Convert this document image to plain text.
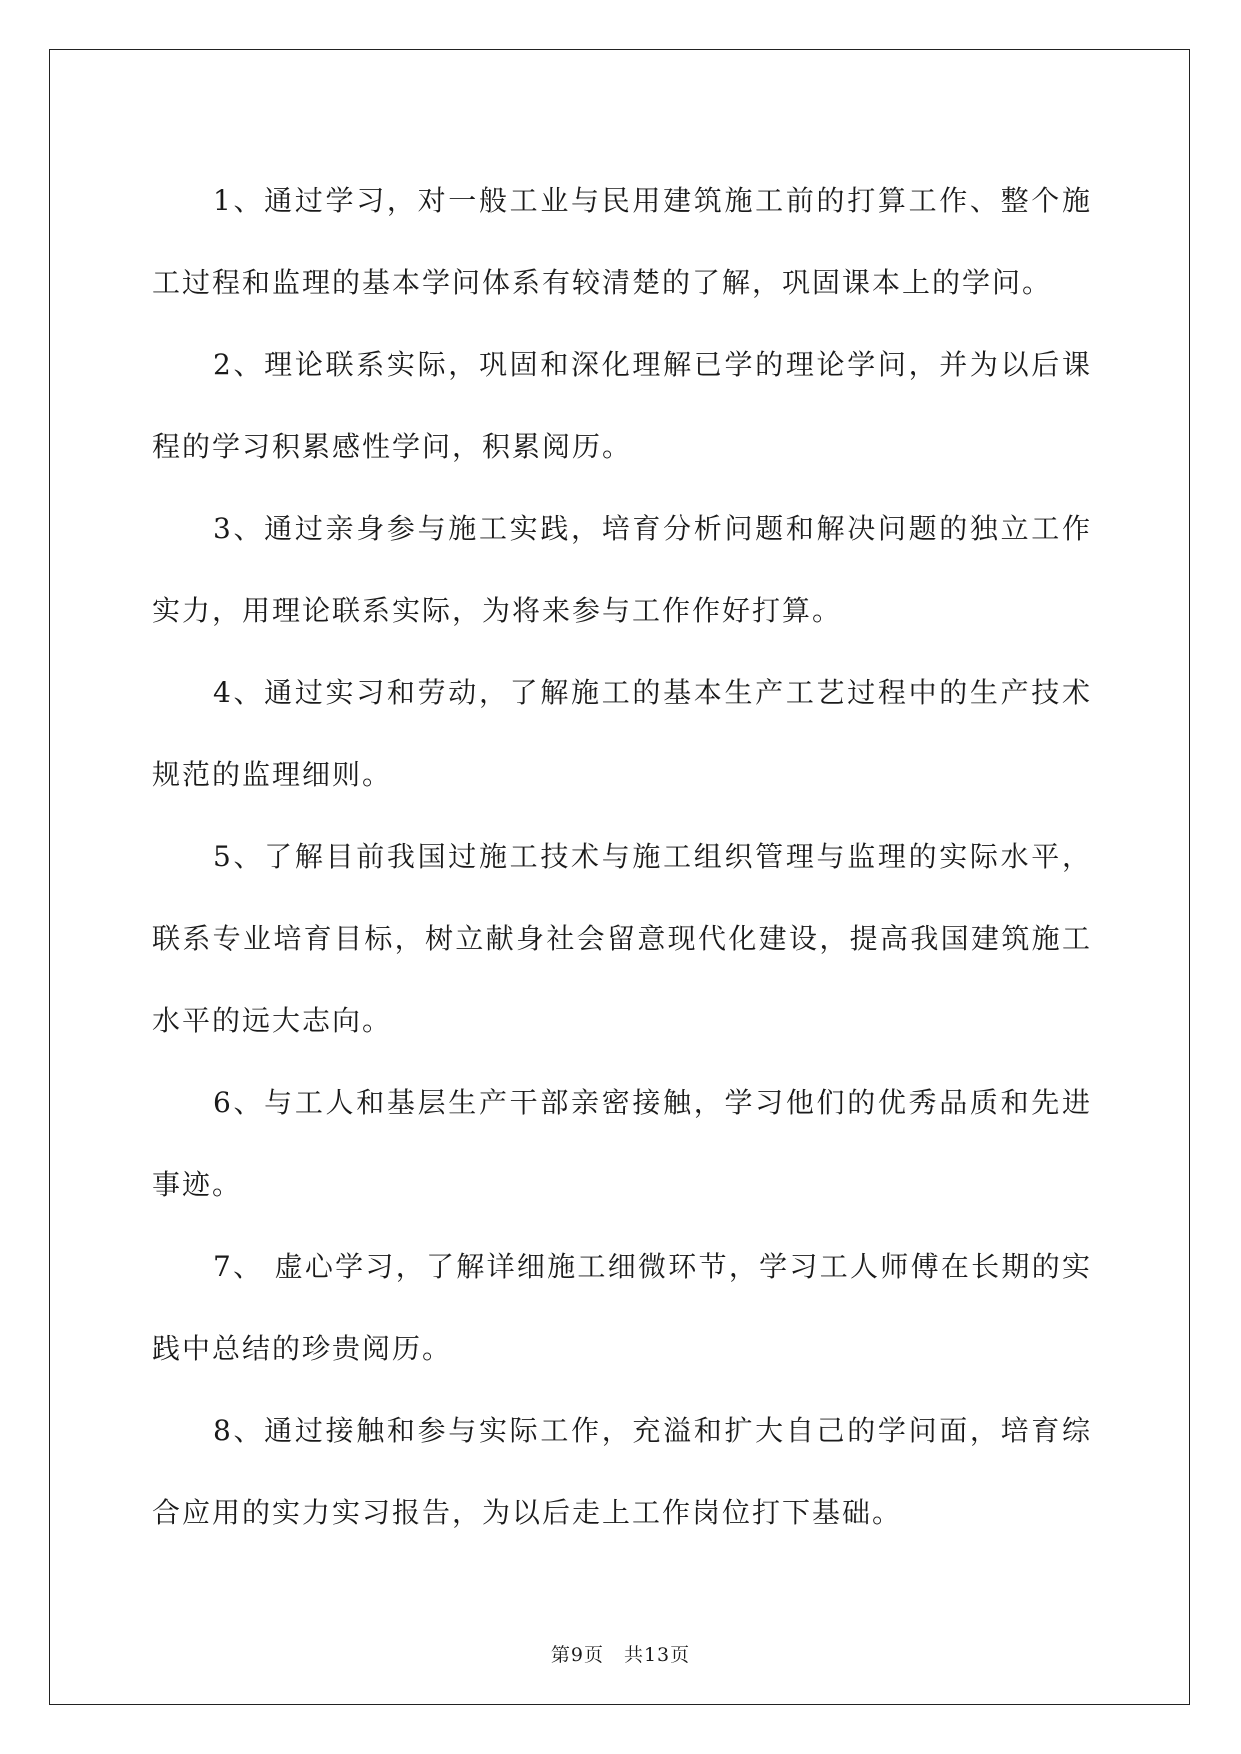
1、通过学习，对一般工业与民用建筑施工前的打算工作、整个施工过程和监理的基本学问体系有较清楚的了解，巩固课本上的学问。

2、理论联系实际，巩固和深化理解已学的理论学问，并为以后课程的学习积累感性学问，积累阅历。

3、通过亲身参与施工实践，培育分析问题和解决问题的独立工作实力，用理论联系实际，为将来参与工作作好打算。

4、通过实习和劳动，了解施工的基本生产工艺过程中的生产技术规范的监理细则。

5、了解目前我国过施工技术与施工组织管理与监理的实际水平，联系专业培育目标，树立献身社会留意现代化建设，提高我国建筑施工水平的远大志向。

6、与工人和基层生产干部亲密接触，学习他们的优秀品质和先进事迹。

7、 虚心学习，了解详细施工细微环节，学习工人师傅在长期的实践中总结的珍贵阅历。

8、通过接触和参与实际工作，充溢和扩大自己的学问面，培育综合应用的实力实习报告，为以后走上工作岗位打下基础。

第9页　共13页
